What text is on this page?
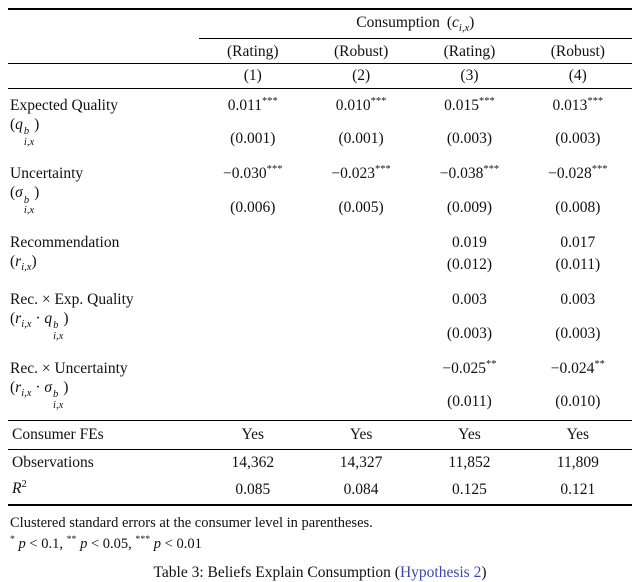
	Consumption $(c_{i,x})$			
	(Rating)	(Robust)	(Rating)	(Robust)
	(1)	(2)	(3)	(4)
Expected Quality	0.011***	0.010***	0.015***	0.013***
(q b
i,x
)	(0.001)	(0.001)	(0.003)	(0.003)
Uncertainty	−0.030***	−0.023***	−0.038***	−0.028***
(σ b
i,x
)	(0.006)	(0.005)	(0.009)	(0.008)
Recommendation			0.019	0.017
$(r_{i,x})$			(0.012)	(0.011)
Rec. × Exp. Quality			0.003	0.003
($r_{i,x} \cdot q$ b
i,x
)			(0.003)	(0.003)
Rec. × Uncertainty			−0.025**	−0.024**
($r_{i,x} \cdot \sigma$ b
i,x
)			(0.011)	(0.010)
Consumer FEs	Yes	Yes	Yes	Yes
Observations	14,362	14,327	11,852	11,809
$R^2$	0.085	0.084	0.125	0.121
Clustered standard errors at the consumer level in parentheses.
* p < 0.1, ** p < 0.05, *** p < 0.01
Table 3: Beliefs Explain Consumption (Hypothesis 2)
